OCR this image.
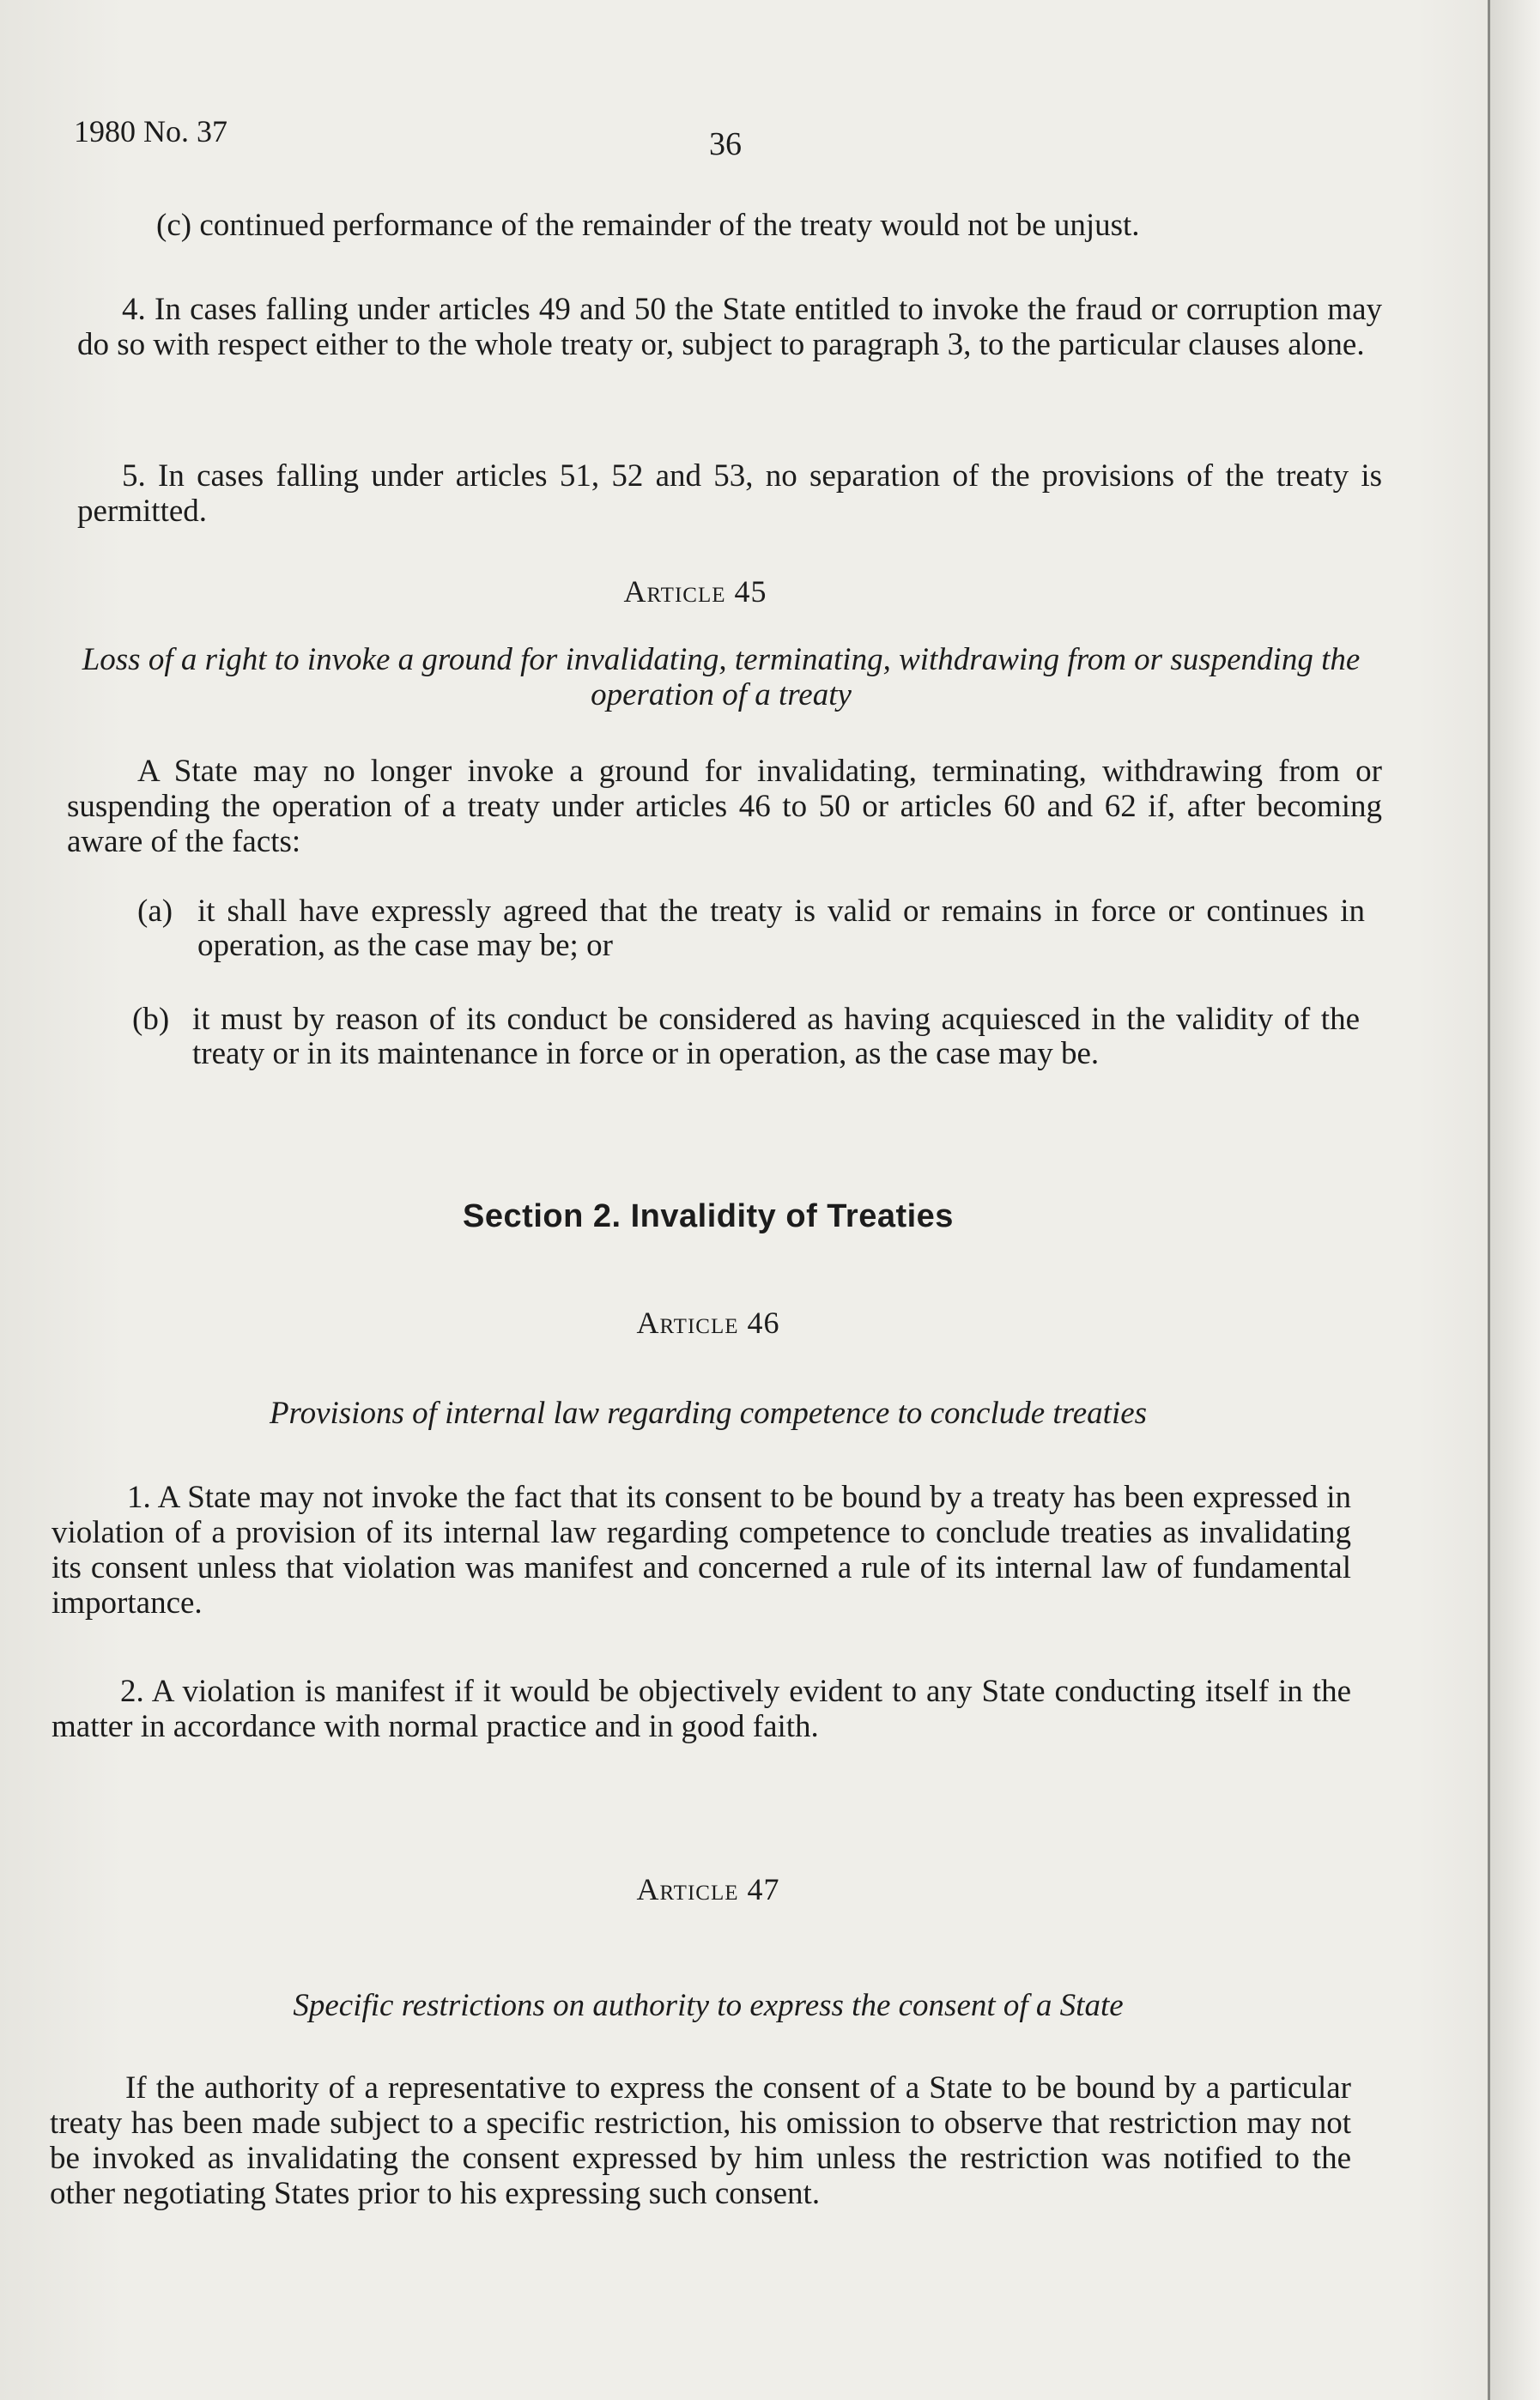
1980 No. 37	36
(c) continued performance of the remainder of the treaty would not be unjust.
4. In cases falling under articles 49 and 50 the State entitled to invoke the fraud or corruption may do so with respect either to the whole treaty or, subject to paragraph 3, to the particular clauses alone.
5. In cases falling under articles 51, 52 and 53, no separation of the provisions of the treaty is permitted.
Article 45
Loss of a right to invoke a ground for invalidating, terminating, withdrawing from or suspending the operation of a treaty
A State may no longer invoke a ground for invalidating, terminating, withdrawing from or suspending the operation of a treaty under articles 46 to 50 or articles 60 and 62 if, after becoming aware of the facts:
(a) it shall have expressly agreed that the treaty is valid or remains in force or continues in operation, as the case may be; or
(b) it must by reason of its conduct be considered as having acquiesced in the validity of the treaty or in its maintenance in force or in operation, as the case may be.
Section 2. Invalidity of Treaties
Article 46
Provisions of internal law regarding competence to conclude treaties
1. A State may not invoke the fact that its consent to be bound by a treaty has been expressed in violation of a provision of its internal law regarding competence to conclude treaties as invalidating its consent unless that violation was manifest and concerned a rule of its internal law of fundamental importance.
2. A violation is manifest if it would be objectively evident to any State conducting itself in the matter in accordance with normal practice and in good faith.
Article 47
Specific restrictions on authority to express the consent of a State
If the authority of a representative to express the consent of a State to be bound by a particular treaty has been made subject to a specific restriction, his omission to observe that restriction may not be invoked as invalidating the consent expressed by him unless the restriction was notified to the other negotiating States prior to his expressing such consent.
